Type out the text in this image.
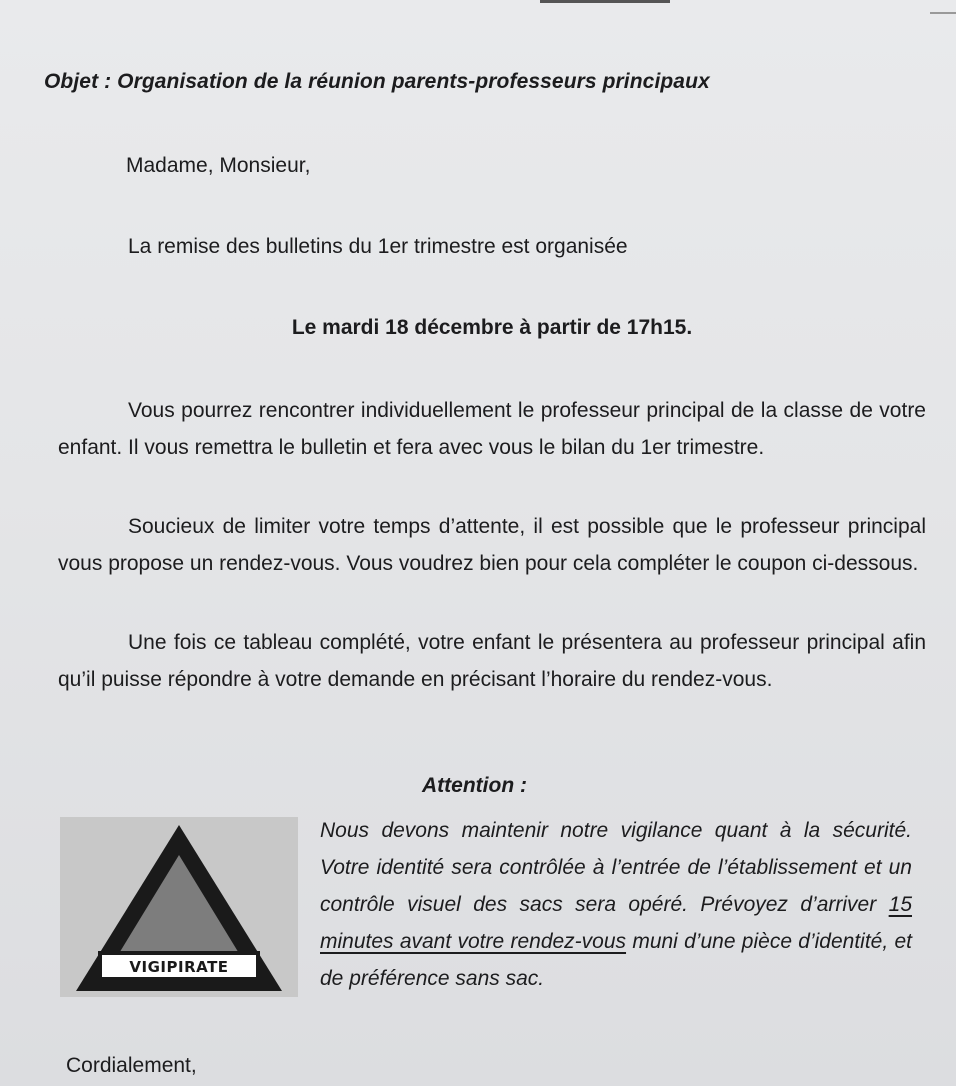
Objet : Organisation de la réunion parents-professeurs principaux
Madame, Monsieur,
La remise des bulletins du 1er trimestre est organisée
Le mardi 18 décembre à partir de 17h15.
Vous pourrez rencontrer individuellement le professeur principal de la classe de votre enfant. Il vous remettra le bulletin et fera avec vous le bilan du 1er trimestre.
Soucieux de limiter votre temps d’attente, il est possible que le professeur principal vous propose un rendez-vous. Vous voudrez bien pour cela compléter le coupon ci-dessous.
Une fois ce tableau complété, votre enfant le présentera au professeur principal afin qu’il puisse répondre à votre demande en précisant l’horaire du rendez-vous.
Attention :
VIGIPIRATE
Nous devons maintenir notre vigilance quant à la sécurité. Votre identité sera contrôlée à l’entrée de l’établissement et un contrôle visuel des sacs sera opéré. Prévoyez d’arriver 15 minutes avant votre rendez-vous muni d’une pièce d’identité, et de préférence sans sac.
Cordialement,
